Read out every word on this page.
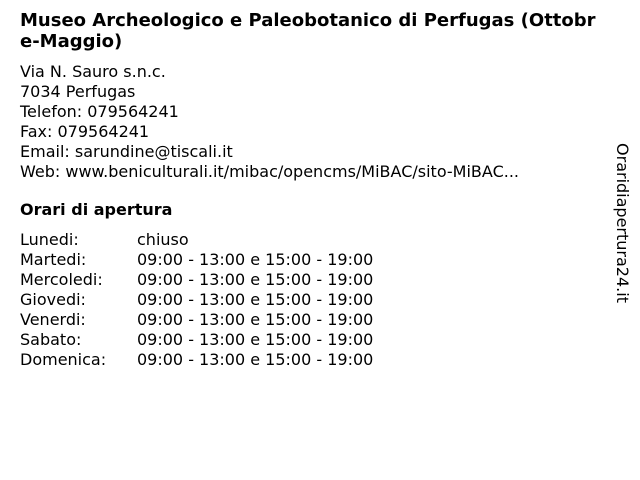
Museo Archeologico e Paleobotanico di Perfugas (Ottobre-Maggio)
Via N. Sauro s.n.c.
7034 Perfugas
Telefon: 079564241
Fax: 079564241
Email: sarundine@tiscali.it
Web: www.beniculturali.it/mibac/opencms/MiBAC/sito-MiBAC...
Orari di apertura
Lunedi:	chiuso
Martedi:	09:00 - 13:00 e 15:00 - 19:00
Mercoledi:	09:00 - 13:00 e 15:00 - 19:00
Giovedi:	09:00 - 13:00 e 15:00 - 19:00
Venerdi:	09:00 - 13:00 e 15:00 - 19:00
Sabato:	09:00 - 13:00 e 15:00 - 19:00
Domenica:	09:00 - 13:00 e 15:00 - 19:00
Oraridiapertura24.it
